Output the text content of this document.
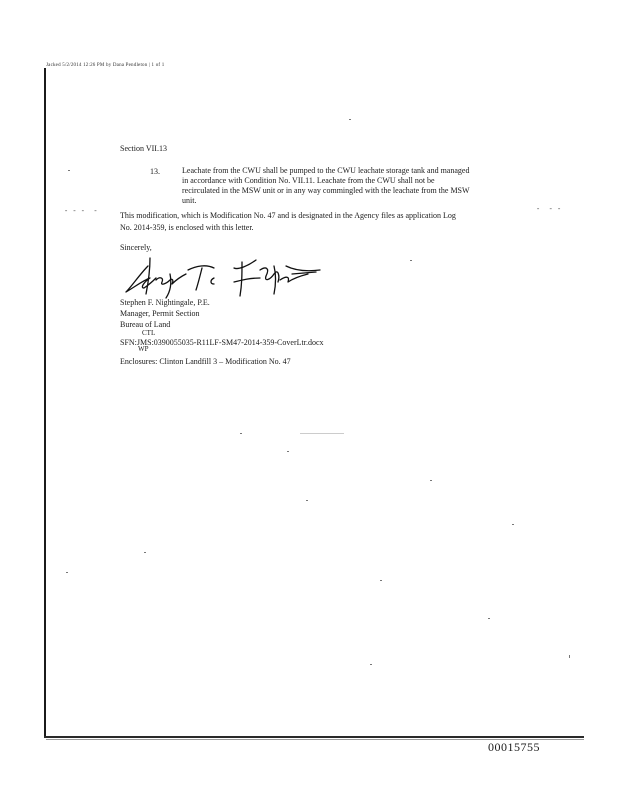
Jacked 5/2/2014 12:26 PM by Dana Pendleton | 1 of 1
Section VII.13
13.	Leachate from the CWU shall be pumped to the CWU leachate storage tank and managed
in accordance with Condition No. VII.11. Leachate from the CWU shall not be
recirculated in the MSW unit or in any way commingled with the leachate from the MSW
unit.
- - -  -	-  - -
This modification, which is Modification No. 47 and is designated in the Agency files as application Log
No. 2014-359, is enclosed with this letter.
Sincerely,
Stephen F. Nightingale, P.E.
Manager, Permit Section
Bureau of Land
CTL
WP
SFN:JMS:0390055035-R11LF-SM47-2014-359-CoverLtr.docx
Enclosures: Clinton Landfill 3 – Modification No. 47
00015755
